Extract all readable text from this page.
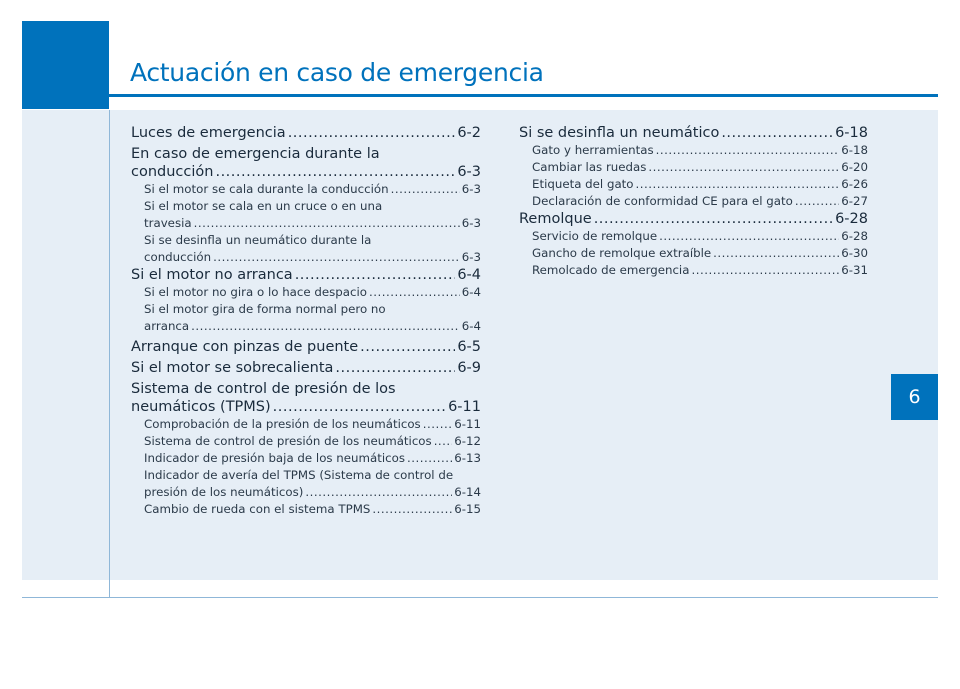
Actuación en caso de emergencia
6
Luces de emergencia .....	6-2
En caso de emergencia durante la
conducción .....	6-3
Si el motor se cala durante la conducción .....	6-3
Si el motor se cala en un cruce o en una
travesia .....	6-3
Si se desinfla un neumático durante la
conducción .....	6-3
Si el motor no arranca .....	6-4
Si el motor no gira o lo hace despacio .....	6-4
Si el motor gira de forma normal pero no
arranca .....	6-4
Arranque con pinzas de puente .....	6-5
Si el motor se sobrecalienta .....	6-9
Sistema de control de presión de los
neumáticos (TPMS) .....	6-11
Comprobación de la presión de los neumáticos .....	6-11
Sistema de control de presión de los neumáticos ..... 6-12
Indicador de presión baja de los neumáticos .....	6-13
Indicador de avería del TPMS (Sistema de control de
presión de los neumáticos) .....	6-14
Cambio de rueda con el sistema TPMS .....	6-15
Si se desinfla un neumático .....	6-18
Gato y herramientas .....	6-18
Cambiar las ruedas .....	6-20
Etiqueta del gato .....	6-26
Declaración de conformidad CE para el gato .....	6-27
Remolque .....	6-28
Servicio de remolque .....	6-28
Gancho de remolque extraíble .....	6-30
Remolcado de emergencia .....	6-31
